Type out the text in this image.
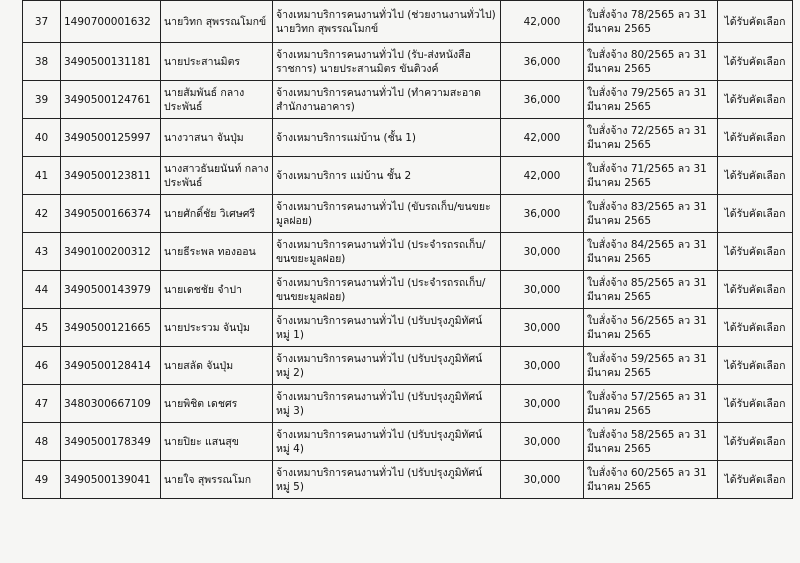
37	1490700001632	นายวิทก สุพรรณโมกข์	จ้างเหมาบริการคนงานทั่วไป (ช่วยงานงานทั่วไป) นายวิทก สุพรรณโมกข์	42,000	ใบสั่งจ้าง 78/2565 ลว 31 มีนาคม 2565	ได้รับคัดเลือก
38	3490500131181	นายประสานมิตร	จ้างเหมาบริการคนงานทั่วไป (รับ-ส่งหนังสือราชการ) นายประสานมิตร ขันติวงค์	36,000	ใบสั่งจ้าง 80/2565 ลว 31 มีนาคม 2565	ได้รับคัดเลือก
39	3490500124761	นายสัมพันธ์ กลางประพันธ์	จ้างเหมาบริการคนงานทั่วไป (ทำความสะอาดสำนักงานอาคาร)	36,000	ใบสั่งจ้าง 79/2565 ลว 31 มีนาคม 2565	ได้รับคัดเลือก
40	3490500125997	นางวาสนา จันปุ่ม	จ้างเหมาบริการแม่บ้าน (ชั้น 1)	42,000	ใบสั่งจ้าง 72/2565 ลว 31 มีนาคม 2565	ได้รับคัดเลือก
41	3490500123811	นางสาวธันยนันท์ กลางประพันธ์	จ้างเหมาบริการ แม่บ้าน ชั้น 2	42,000	ใบสั่งจ้าง 71/2565 ลว 31 มีนาคม 2565	ได้รับคัดเลือก
42	3490500166374	นายศักดิ์ชัย วิเศษศรี	จ้างเหมาบริการคนงานทั่วไป (ขับรถเก็บ/ขนขยะมูลฝอย)	36,000	ใบสั่งจ้าง 83/2565 ลว 31 มีนาคม 2565	ได้รับคัดเลือก
43	3490100200312	นายธีระพล ทองออน	จ้างเหมาบริการคนงานทั่วไป (ประจำรถรถเก็บ/ขนขยะมูลฝอย)	30,000	ใบสั่งจ้าง 84/2565 ลว 31 มีนาคม 2565	ได้รับคัดเลือก
44	3490500143979	นายเดชชัย จำปา	จ้างเหมาบริการคนงานทั่วไป (ประจำรถรถเก็บ/ขนขยะมูลฝอย)	30,000	ใบสั่งจ้าง 85/2565 ลว 31 มีนาคม 2565	ได้รับคัดเลือก
45	3490500121665	นายประรวม จันปุ่ม	จ้างเหมาบริการคนงานทั่วไป (ปรับปรุงภูมิทัศน์ หมู่ 1)	30,000	ใบสั่งจ้าง 56/2565 ลว 31 มีนาคม 2565	ได้รับคัดเลือก
46	3490500128414	นายสลัด จันปุ่ม	จ้างเหมาบริการคนงานทั่วไป (ปรับปรุงภูมิทัศน์ หมู่ 2)	30,000	ใบสั่งจ้าง 59/2565 ลว 31 มีนาคม 2565	ได้รับคัดเลือก
47	3480300667109	นายพิชิต เดชศร	จ้างเหมาบริการคนงานทั่วไป (ปรับปรุงภูมิทัศน์ หมู่ 3)	30,000	ใบสั่งจ้าง 57/2565 ลว 31 มีนาคม 2565	ได้รับคัดเลือก
48	3490500178349	นายปิยะ แสนสุข	จ้างเหมาบริการคนงานทั่วไป (ปรับปรุงภูมิทัศน์ หมู่ 4)	30,000	ใบสั่งจ้าง 58/2565 ลว 31 มีนาคม 2565	ได้รับคัดเลือก
49	3490500139041	นายใจ สุพรรณโมก	จ้างเหมาบริการคนงานทั่วไป (ปรับปรุงภูมิทัศน์ หมู่ 5)	30,000	ใบสั่งจ้าง 60/2565 ลว 31 มีนาคม 2565	ได้รับคัดเลือก
